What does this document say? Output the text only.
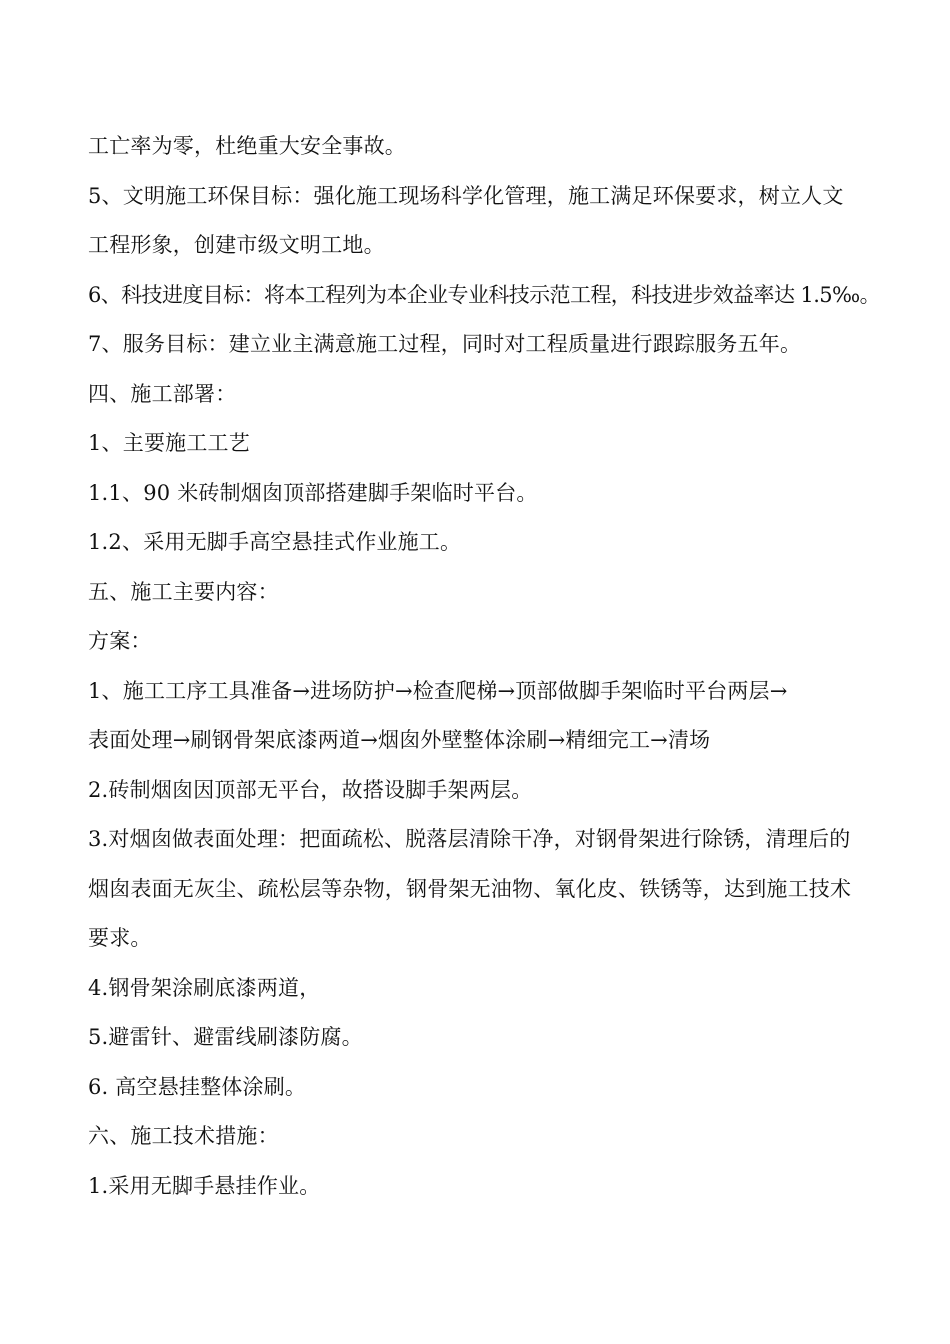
工亡率为零，杜绝重大安全事故。
5、文明施工环保目标：强化施工现场科学化管理，施工满足环保要求，树立人文
工程形象，创建市级文明工地。
6、科技进度目标：将本工程列为本企业专业科技示范工程，科技进步效益率达 1.5‰。
7、服务目标：建立业主满意施工过程，同时对工程质量进行跟踪服务五年。
四、施工部署：
1、主要施工工艺
1.1、90 米砖制烟囱顶部搭建脚手架临时平台。
1.2、采用无脚手高空悬挂式作业施工。
五、施工主要内容：
方案：
1、施工工序工具准备→进场防护→检查爬梯→顶部做脚手架临时平台两层→
表面处理→刷钢骨架底漆两道→烟囱外壁整体涂刷→精细完工→清场
2.砖制烟囱因顶部无平台，故搭设脚手架两层。
3.对烟囱做表面处理：把面疏松、脱落层清除干净，对钢骨架进行除锈，清理后的
烟囱表面无灰尘、疏松层等杂物，钢骨架无油物、氧化皮、铁锈等，达到施工技术
要求。
4.钢骨架涂刷底漆两道，
5.避雷针、避雷线刷漆防腐。
6. 高空悬挂整体涂刷。
六、施工技术措施：
1.采用无脚手悬挂作业。
